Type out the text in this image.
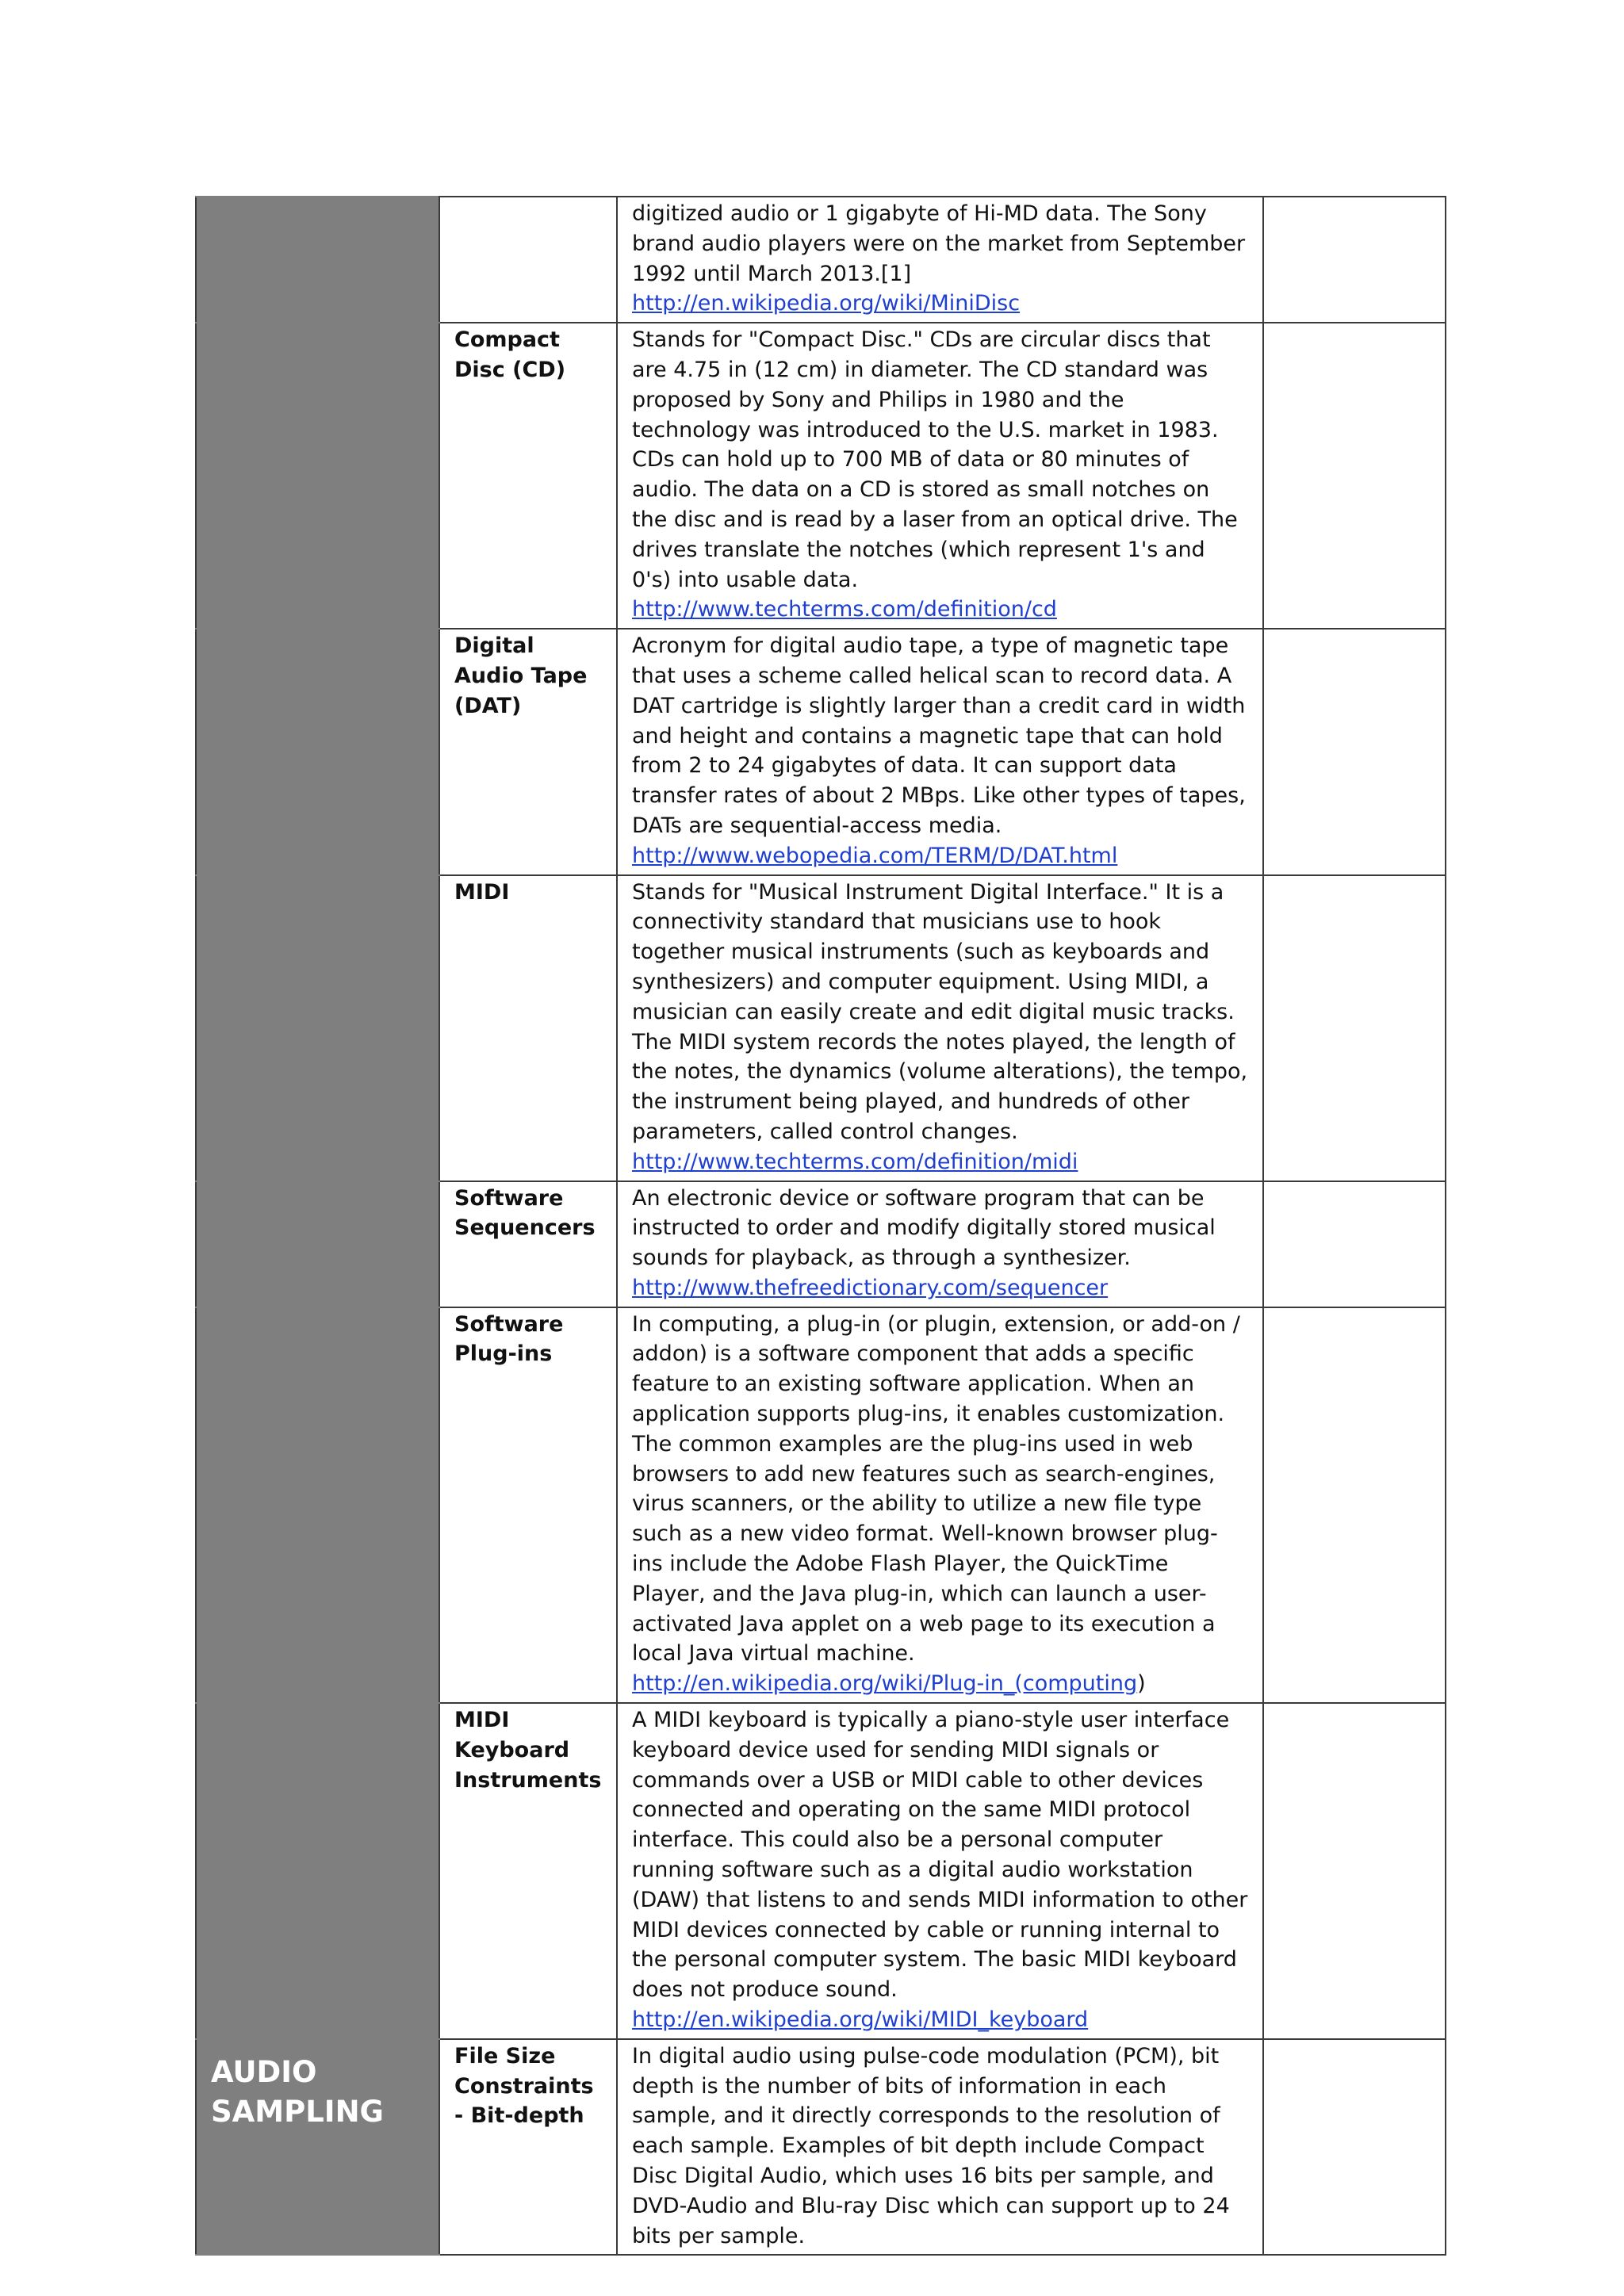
		digitized audio or 1 gigabyte of Hi-MD data. The Sony brand audio players were on the market from September 1992 until March 2013.[1]
http://en.wikipedia.org/wiki/MiniDisc	
	Compact Disc (CD)	Stands for "Compact Disc." CDs are circular discs that are 4.75 in (12 cm) in diameter. The CD standard was proposed by Sony and Philips in 1980 and the technology was introduced to the U.S. market in 1983. CDs can hold up to 700 MB of data or 80 minutes of audio. The data on a CD is stored as small notches on the disc and is read by a laser from an optical drive. The drives translate the notches (which represent 1's and 0's) into usable data.
http://www.techterms.com/definition/cd	
	Digital Audio Tape (DAT)	Acronym for digital audio tape, a type of magnetic tape that uses a scheme called helical scan to record data. A DAT cartridge is slightly larger than a credit card in width and height and contains a magnetic tape that can hold from 2 to 24 gigabytes of data. It can support data transfer rates of about 2 MBps. Like other types of tapes, DATs are sequential-access media.
http://www.webopedia.com/TERM/D/DAT.html	
	MIDI	Stands for "Musical Instrument Digital Interface." It is a connectivity standard that musicians use to hook together musical instruments (such as keyboards and synthesizers) and computer equipment. Using MIDI, a musician can easily create and edit digital music tracks. The MIDI system records the notes played, the length of the notes, the dynamics (volume alterations), the tempo, the instrument being played, and hundreds of other parameters, called control changes.
http://www.techterms.com/definition/midi	
	Software Sequencers	An electronic device or software program that can be instructed to order and modify digitally stored musical sounds for playback, as through a synthesizer.
http://www.thefreedictionary.com/sequencer	
	Software Plug-ins	In computing, a plug-in (or plugin, extension, or add-on / addon) is a software component that adds a specific feature to an existing software application. When an application supports plug-ins, it enables customization. The common examples are the plug-ins used in web browsers to add new features such as search-engines, virus scanners, or the ability to utilize a new file type such as a new video format. Well-known browser plug-ins include the Adobe Flash Player, the QuickTime Player, and the Java plug-in, which can launch a user-activated Java applet on a web page to its execution a local Java virtual machine.
http://en.wikipedia.org/wiki/Plug-in_(computing)	
	MIDI Keyboard Instruments	A MIDI keyboard is typically a piano-style user interface keyboard device used for sending MIDI signals or commands over a USB or MIDI cable to other devices connected and operating on the same MIDI protocol interface. This could also be a personal computer running software such as a digital audio workstation (DAW) that listens to and sends MIDI information to other MIDI devices connected by cable or running internal to the personal computer system. The basic MIDI keyboard does not produce sound.
http://en.wikipedia.org/wiki/MIDI_keyboard	
AUDIO SAMPLING	File Size Constraints - Bit-depth	In digital audio using pulse-code modulation (PCM), bit depth is the number of bits of information in each sample, and it directly corresponds to the resolution of each sample. Examples of bit depth include Compact Disc Digital Audio, which uses 16 bits per sample, and DVD-Audio and Blu-ray Disc which can support up to 24 bits per sample.	
